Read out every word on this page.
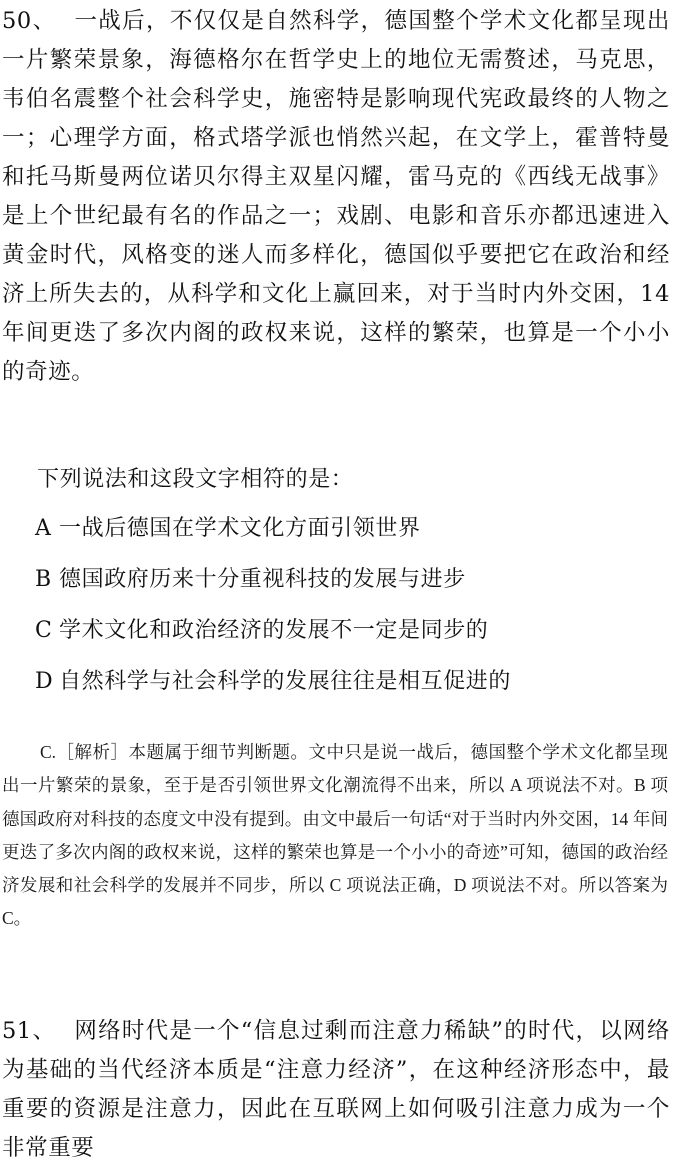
50、 一战后，不仅仅是自然科学，德国整个学术文化都呈现出一片繁荣景象，海德格尔在哲学史上的地位无需赘述，马克思，韦伯名震整个社会科学史，施密特是影响现代宪政最终的人物之一；心理学方面，格式塔学派也悄然兴起，在文学上，霍普特曼和托马斯曼两位诺贝尔得主双星闪耀，雷马克的《西线无战事》是上个世纪最有名的作品之一；戏剧、电影和音乐亦都迅速进入黄金时代，风格变的迷人而多样化，德国似乎要把它在政治和经济上所失去的，从科学和文化上赢回来，对于当时内外交困，14 年间更迭了多次内阁的政权来说，这样的繁荣，也算是一个小小的奇迹。

下列说法和这段文字相符的是：

A 一战后德国在学术文化方面引领世界

B 德国政府历来十分重视科技的发展与进步

C 学术文化和政治经济的发展不一定是同步的

D 自然科学与社会科学的发展往往是相互促进的

C.［解析］本题属于细节判断题。文中只是说一战后，德国整个学术文化都呈现出一片繁荣的景象，至于是否引领世界文化潮流得不出来，所以 A 项说法不对。B 项德国政府对科技的态度文中没有提到。由文中最后一句话“对于当时内外交困，14 年间更迭了多次内阁的政权来说，这样的繁荣也算是一个小小的奇迹”可知，德国的政治经济发展和社会科学的发展并不同步，所以 C 项说法正确，D 项说法不对。所以答案为 C。

51、 网络时代是一个“信息过剩而注意力稀缺”的时代，以网络为基础的当代经济本质是“注意力经济”，在这种经济形态中，最重要的资源是注意力，因此在互联网上如何吸引注意力成为一个非常重要
